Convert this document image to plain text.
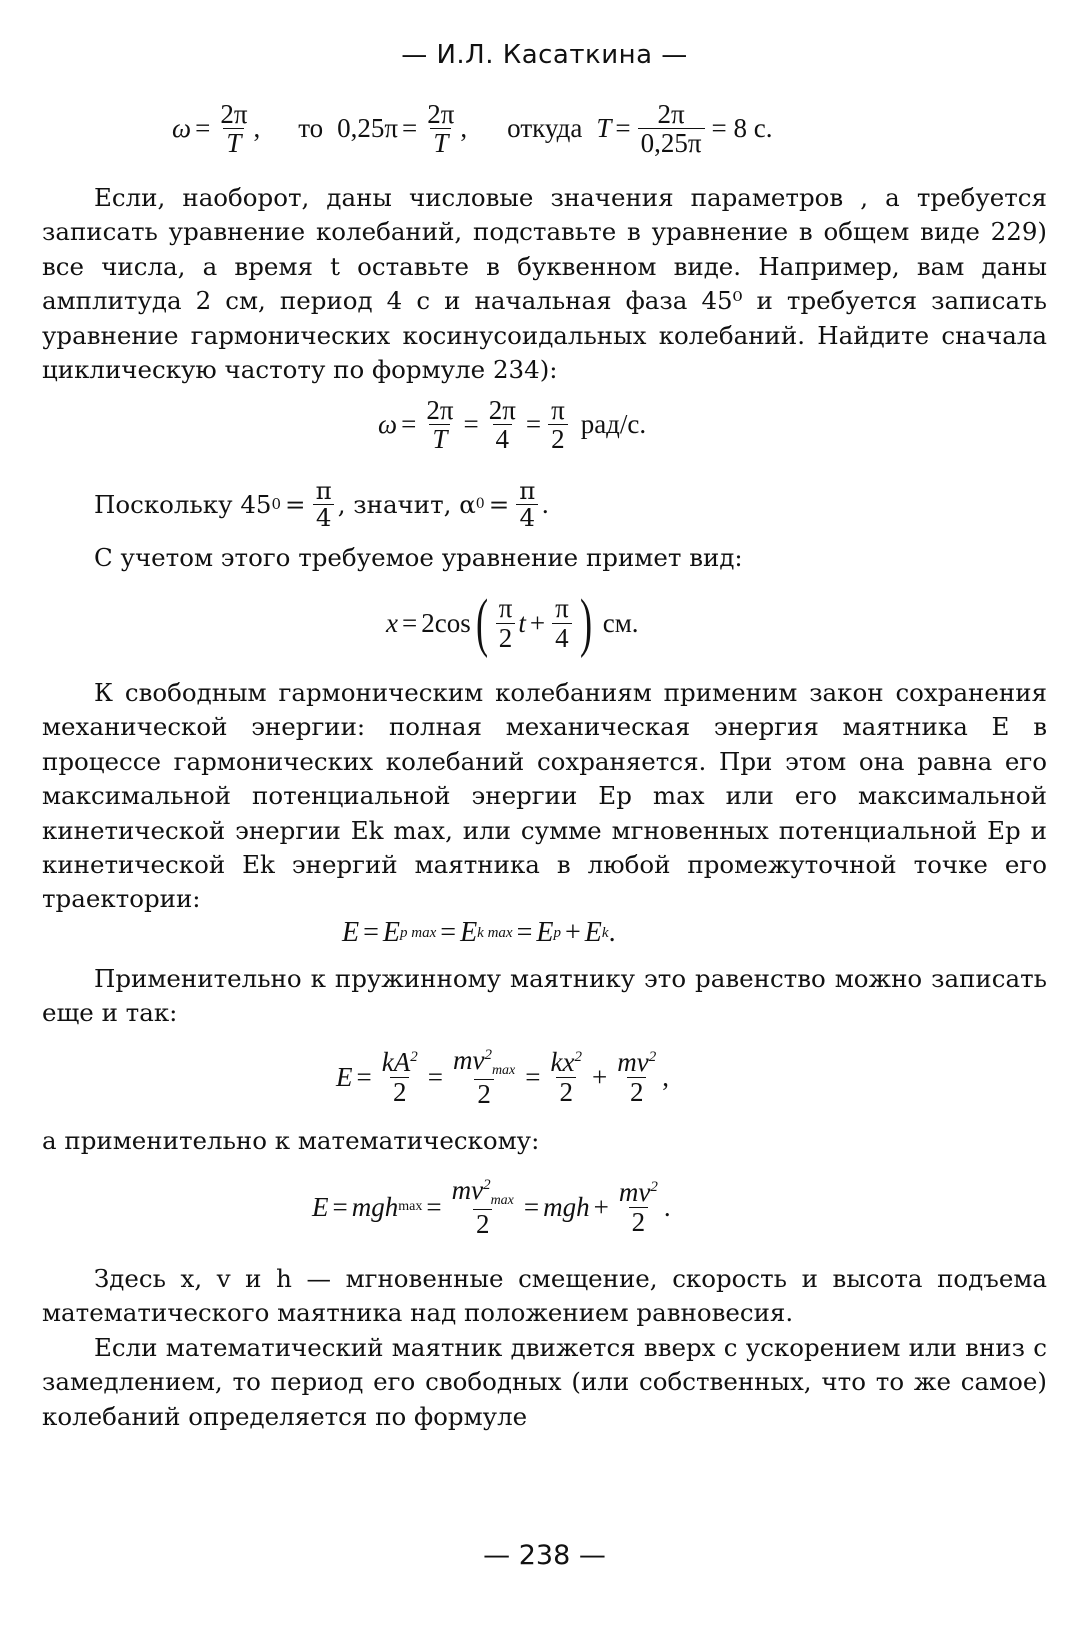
— И.Л. Касаткина —
$\omega = \frac{2\pi}{T}$ , то $0,25\pi = \frac{2\pi}{T}$ , откуда $T = \frac{2\pi}{0,25\pi} = 8$ с.

Если, наоборот, даны числовые значения параметров , а требуется записать уравнение колебаний, подставьте в уравнение в общем виде 229) все числа, а время t оставьте в буквенном виде. Например, вам даны амплитуда 2 см, период 4 с и начальная фаза 45⁰ и требуется записать уравнение гармонических косинусоидальных колебаний. Найдите сначала циклическую частоту по формуле 234):

$\omega = \frac{2\pi}{T} = \frac{2\pi}{4} = \frac{\pi}{2} рад/с$.
Поскольку 45 $0 = \frac{\pi}{4}$ , значит, α $0 = \frac{\pi}{4}$ .
С учетом этого требуемое уравнение примет вид:
x = 2cos ( $\frac{\pi}{2}$ $t + \frac{\pi}{4}$ ) см.

К свободным гармоническим колебаниям применим закон сохранения механической энергии: полная механическая энергия маятника E в процессе гармонических колебаний сохраняется. При этом она равна его максимальной потенциальной энергии Ep max или его максимальной кинетической энергии Ek max, или сумме мгновенных потенциальной Ep и кинетической Ek энергий маятника в любой промежуточной точке его траектории:

E = E p max = E k max = E p + E k .

Применительно к пружинному маятнику это равенство можно записать еще и так:

$E = \frac{kA^2}{2}$ =
$mv^2\max$
2
= $\frac{kx^2}{2} + \frac{mv^2}{2}$ ,
а применительно к математическому:
E = mgh max =
$mv^2\max$
2
= mgh + $\frac{mv^2}{2}$ .

Здесь x, v и h — мгновенные смещение, скорость и высота подъема математического маятника над положением равновесия.

Если математический маятник движется вверх с ускорением или вниз с замедлением, то период его свободных (или собственных, что то же самое) колебаний определяется по формуле

— 238 —
